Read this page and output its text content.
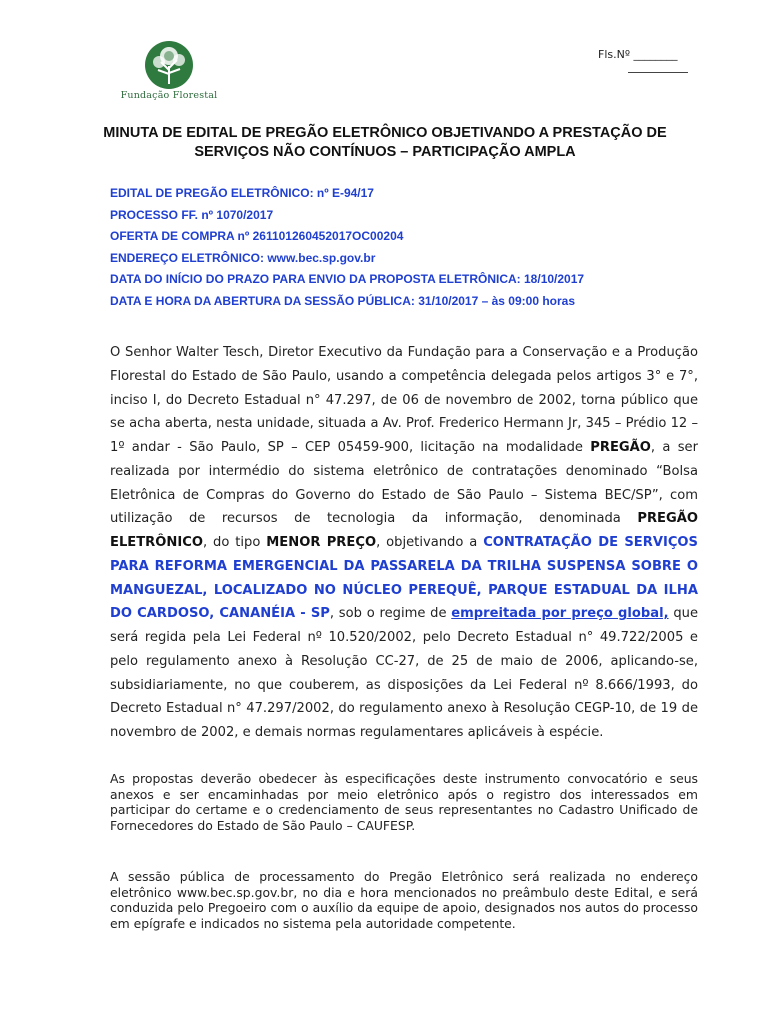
Fundação Florestal
Fls.Nº ________
MINUTA DE EDITAL DE PREGÃO ELETRÔNICO OBJETIVANDO A PRESTAÇÃO DE SERVIÇOS NÃO CONTÍNUOS – PARTICIPAÇÃO AMPLA
EDITAL DE PREGÃO ELETRÔNICO: nº E-94/17
PROCESSO FF. nº 1070/2017
OFERTA DE COMPRA nº 261101260452017OC00204
ENDEREÇO ELETRÔNICO: www.bec.sp.gov.br
DATA DO INÍCIO DO PRAZO PARA ENVIO DA PROPOSTA ELETRÔNICA: 18/10/2017
DATA E HORA DA ABERTURA DA SESSÃO PÚBLICA: 31/10/2017 – às 09:00 horas
O Senhor Walter Tesch, Diretor Executivo da Fundação para a Conservação e a Produção Florestal do Estado de São Paulo, usando a competência delegada pelos artigos 3° e 7°, inciso I, do Decreto Estadual n° 47.297, de 06 de novembro de 2002, torna público que se acha aberta, nesta unidade, situada a Av. Prof. Frederico Hermann Jr, 345 – Prédio 12 – 1º andar - São Paulo, SP – CEP 05459-900, licitação na modalidade PREGÃO, a ser realizada por intermédio do sistema eletrônico de contratações denominado “Bolsa Eletrônica de Compras do Governo do Estado de São Paulo – Sistema BEC/SP”, com utilização de recursos de tecnologia da informação, denominada PREGÃO ELETRÔNICO, do tipo MENOR PREÇO, objetivando a CONTRATAÇÃO DE SERVIÇOS PARA REFORMA EMERGENCIAL DA PASSARELA DA TRILHA SUSPENSA SOBRE O MANGUEZAL, LOCALIZADO NO NÚCLEO PEREQUÊ, PARQUE ESTADUAL DA ILHA DO CARDOSO, CANANÉIA - SP, sob o regime de empreitada por preço global, que será regida pela Lei Federal nº 10.520/2002, pelo Decreto Estadual n° 49.722/2005 e pelo regulamento anexo à Resolução CC-27, de 25 de maio de 2006, aplicando-se, subsidiariamente, no que couberem, as disposições da Lei Federal nº 8.666/1993, do Decreto Estadual n° 47.297/2002, do regulamento anexo à Resolução CEGP-10, de 19 de novembro de 2002, e demais normas regulamentares aplicáveis à espécie.
As propostas deverão obedecer às especificações deste instrumento convocatório e seus anexos e ser encaminhadas por meio eletrônico após o registro dos interessados em participar do certame e o credenciamento de seus representantes no Cadastro Unificado de Fornecedores do Estado de São Paulo – CAUFESP.
A sessão pública de processamento do Pregão Eletrônico será realizada no endereço eletrônico www.bec.sp.gov.br, no dia e hora mencionados no preâmbulo deste Edital, e será conduzida pelo Pregoeiro com o auxílio da equipe de apoio, designados nos autos do processo em epígrafe e indicados no sistema pela autoridade competente.
